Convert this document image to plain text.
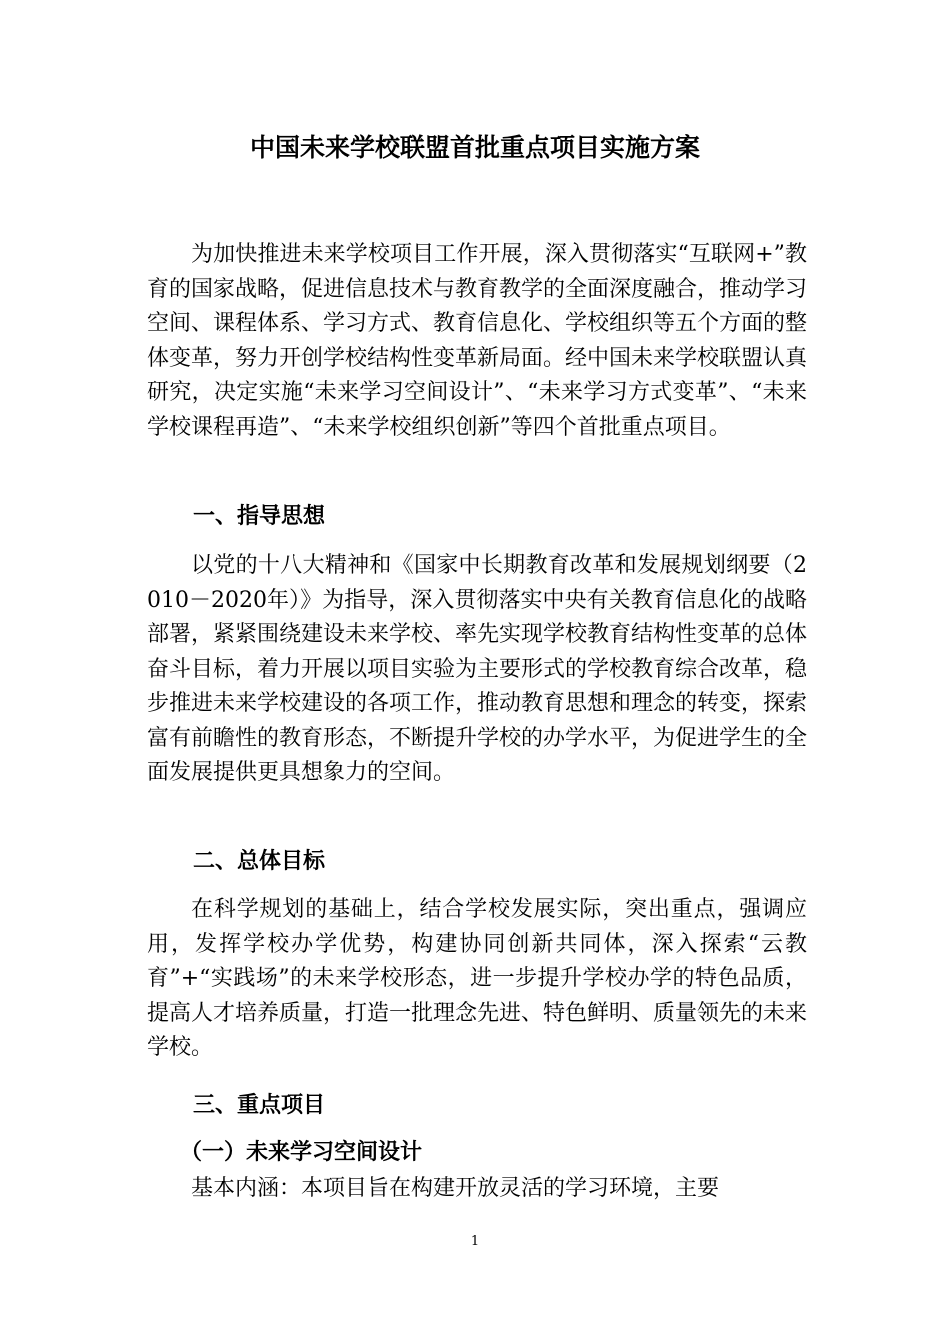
中国未来学校联盟首批重点项目实施方案

为加快推进未来学校项目工作开展，深入贯彻落实“互联网+”教育的国家战略，促进信息技术与教育教学的全面深度融合，推动学习空间、课程体系、学习方式、教育信息化、学校组织等五个方面的整体变革，努力开创学校结构性变革新局面。经中国未来学校联盟认真研究，决定实施“未来学习空间设计”、“未来学习方式变革”、“未来学校课程再造”、“未来学校组织创新”等四个首批重点项目。

一、指导思想

以党的十八大精神和《国家中长期教育改革和发展规划纲要（2010－2020年）》为指导，深入贯彻落实中央有关教育信息化的战略部署，紧紧围绕建设未来学校、率先实现学校教育结构性变革的总体奋斗目标，着力开展以项目实验为主要形式的学校教育综合改革，稳步推进未来学校建设的各项工作，推动教育思想和理念的转变，探索富有前瞻性的教育形态，不断提升学校的办学水平，为促进学生的全面发展提供更具想象力的空间。

二、总体目标

在科学规划的基础上，结合学校发展实际，突出重点，强调应用，发挥学校办学优势，构建协同创新共同体，深入探索“云教育”+“实践场”的未来学校形态，进一步提升学校办学的特色品质，提高人才培养质量，打造一批理念先进、特色鲜明、质量领先的未来学校。

三、重点项目
（一）未来学习空间设计

基本内涵：本项目旨在构建开放灵活的学习环境，主要

1
